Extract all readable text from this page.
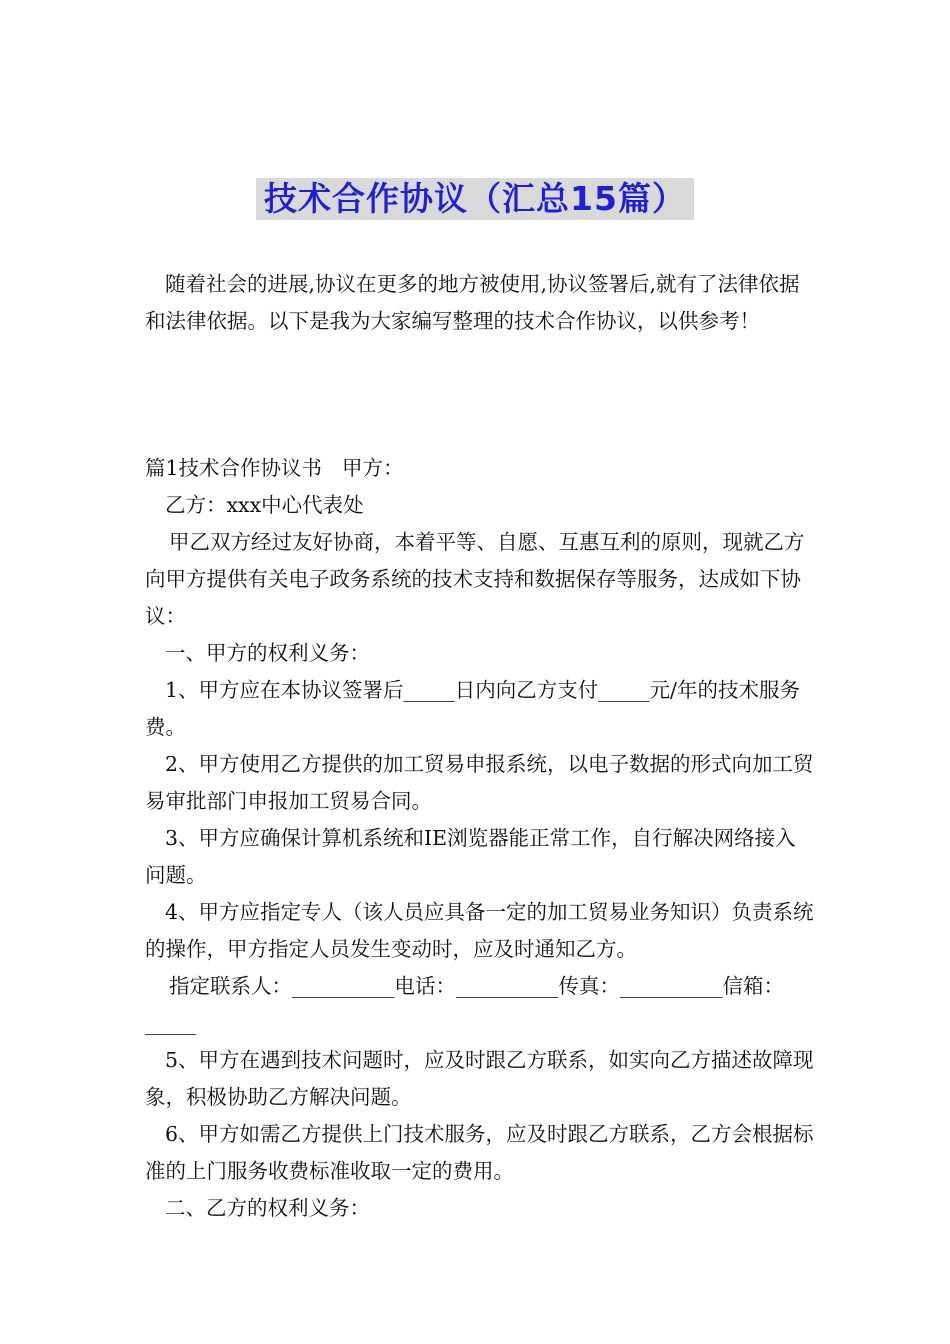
技术合作协议（汇总15篇）

随着社会的进展,协议在更多的地方被使用,协议签署后,就有了法律依据和法律依据。以下是我为大家编写整理的技术合作协议，以供参考！

篇1技术合作协议书 甲方：

乙方：xxx中心代表处

甲乙双方经过友好协商，本着平等、自愿、互惠互利的原则，现就乙方向甲方提供有关电子政务系统的技术支持和数据保存等服务，达成如下协议：

一、甲方的权利义务：

1、甲方应在本协议签署后_____日内向乙方支付_____元/年的技术服务费。

2、甲方使用乙方提供的加工贸易申报系统，以电子数据的形式向加工贸易审批部门申报加工贸易合同。

3、甲方应确保计算机系统和IE浏览器能正常工作，自行解决网络接入问题。

4、甲方应指定专人（该人员应具备一定的加工贸易业务知识）负责系统的操作，甲方指定人员发生变动时，应及时通知乙方。

指定联系人：__________电话：__________传真：__________信箱：_____

5、甲方在遇到技术问题时，应及时跟乙方联系，如实向乙方描述故障现象，积极协助乙方解决问题。

6、甲方如需乙方提供上门技术服务，应及时跟乙方联系，乙方会根据标准的上门服务收费标准收取一定的费用。

二、乙方的权利义务：
